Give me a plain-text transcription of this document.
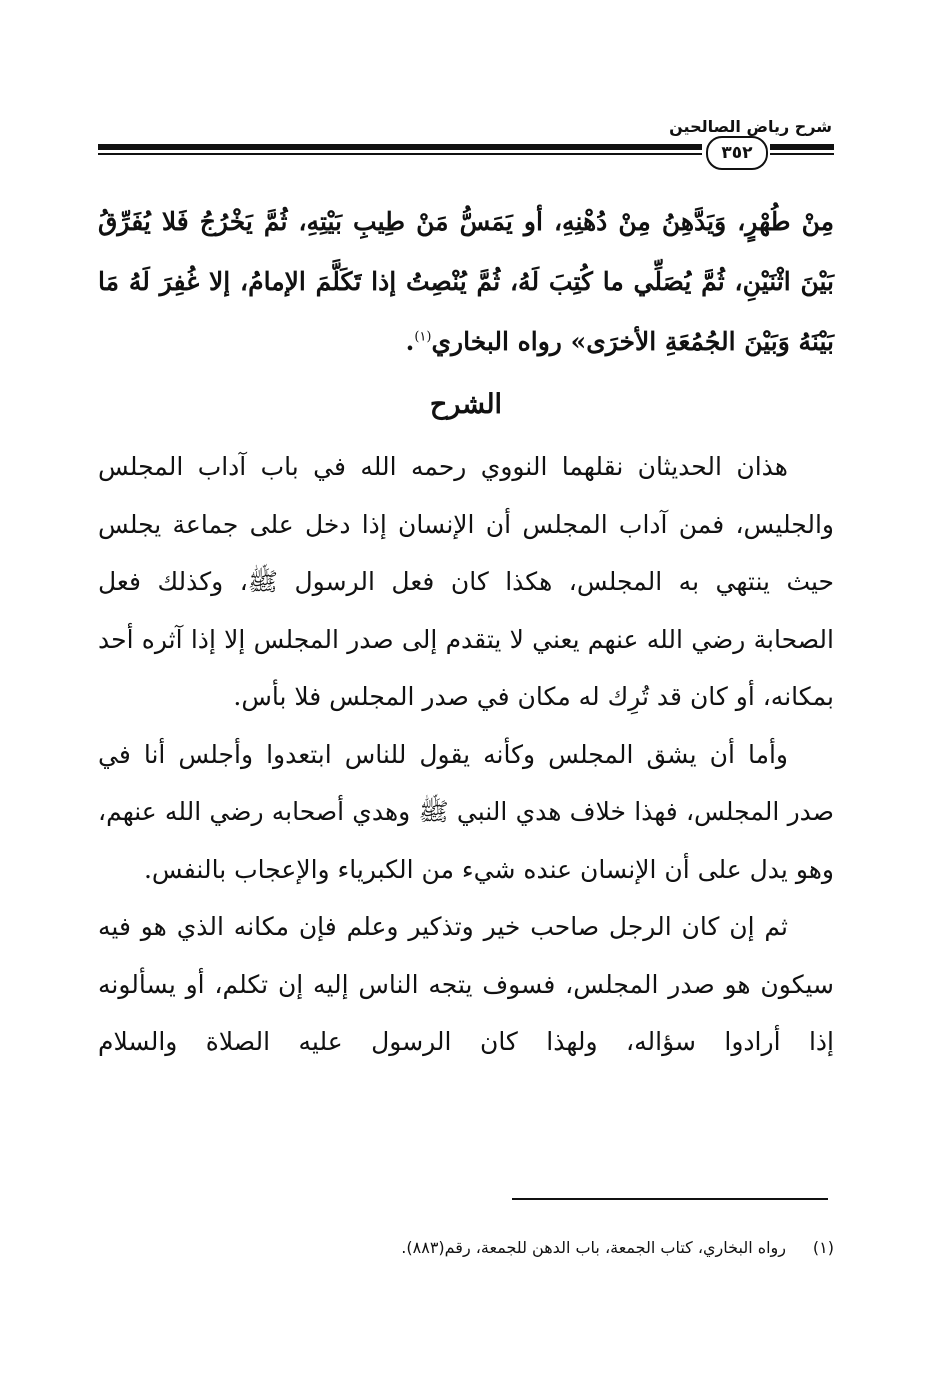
شرح رياض الصالحين
٣٥٢
مِنْ طُهْرٍ، وَيَدَّهِنُ مِنْ دُهْنِهِ، أو يَمَسُّ مَنْ طِيبِ بَيْتِهِ، ثُمَّ يَخْرُجُ فَلا يُفَرِّقُ بَيْنَ اثْنَيْنِ، ثُمَّ يُصَلِّي ما كُتِبَ لَهُ، ثُمَّ يُنْصِتُ إذا تَكَلَّمَ الإمامُ، إلا غُفِرَ لَهُ مَا بَيْنَهُ وَبَيْنَ الجُمُعَةِ الأخرَى» رواه البخاري$^{(١)}$.
الشرح

هذان الحديثان نقلهما النووي رحمه الله في باب آداب المجلس والجليس، فمن آداب المجلس أن الإنسان إذا دخل على جماعة يجلس حيث ينتهي به المجلس، هكذا كان فعل الرسول ﷺ، وكذلك فعل الصحابة رضي الله عنهم يعني لا يتقدم إلى صدر المجلس إلا إذا آثره أحد بمكانه، أو كان قد تُرِك له مكان في صدر المجلس فلا بأس.

وأما أن يشق المجلس وكأنه يقول للناس ابتعدوا وأجلس أنا في صدر المجلس، فهذا خلاف هدي النبي ﷺ وهدي أصحابه رضي الله عنهم، وهو يدل على أن الإنسان عنده شيء من الكبرياء والإعجاب بالنفس.

ثم إن كان الرجل صاحب خير وتذكير وعلم فإن مكانه الذي هو فيه سيكون هو صدر المجلس، فسوف يتجه الناس إليه إن تكلم، أو يسألونه إذا أرادوا سؤاله، ولهذا كان الرسول عليه الصلاة والسلام

(١)رواه البخاري، كتاب الجمعة، باب الدهن للجمعة، رقم(٨٨٣).
